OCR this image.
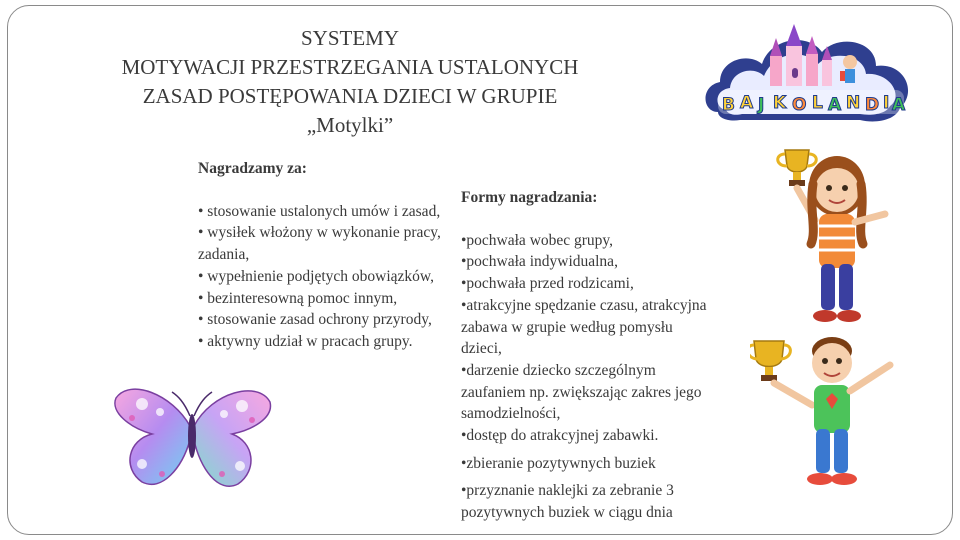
SYSTEMY
MOTYWACJI PRZESTRZEGANIA USTALONYCH
ZASAD POSTĘPOWANIA DZIECI W GRUPIE
„Motylki”
B A J K O L A N D I A
Nagradzamy za:
• stosowanie ustalonych umów i zasad,
• wysiłek włożony w wykonanie pracy, zadania,
• wypełnienie podjętych obowiązków,
• bezinteresowną pomoc innym,
• stosowanie zasad ochrony przyrody,
• aktywny udział w pracach grupy.
Formy nagradzania:
•pochwała wobec grupy,
•pochwała indywidualna,
•pochwała przed rodzicami,
•atrakcyjne spędzanie czasu, atrakcyjna zabawa w grupie według pomysłu dzieci,
•darzenie dziecko szczególnym zaufaniem np. zwiększając zakres jego samodzielności,
•dostęp do atrakcyjnej zabawki.
•zbieranie pozytywnych buziek
•przyznanie naklejki za zebranie 3 pozytywnych buziek w ciągu dnia
